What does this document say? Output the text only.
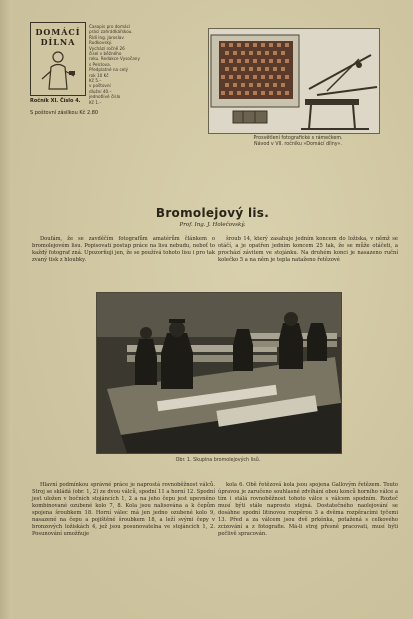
DOMÁCÍ
DÍLNA
Časopis pro domácí
práci zahrádkářskou.
Řídí Ing. Jaroslav
Rudkovský.
Vychází ročně 26
čísel v běžného
roku. Redakce Vysočany
s Pelclova.
Předplatné na celý
rok 10 Kč
Kč 5.–
v poštovní
dlužní 40.–
jednotlivé číslo
Kč 1.–
Ročník XI. Číslo 4.
S poštovní zásilkou Kč 2.80
Prosvětlení fotografické s rámečkem.
Návod v VII. ročníku »Domácí dílny«.
Bromolejový lis.
Prof. Ing. J. Holečovský.

Doufám, že se zavděčím fotografům amatérům článkem o bromolejovém lisu. Popisovati postup práce na lisu nebudu, neboť to každý fotograf zná. Upozorňuji jen, že se používá tohoto lisu i pro tak zvaný tisk z hloubky.

šroub 14, který zasahuje jedním koncem do ložiska, v němž se otáčí, a je opatřen jedním koncem 25 tak, že se může otáčeti, a prochází závitem ve stojánku. Na druhém konci je nasazeno ruční kolečko 5 a na něm je tepla nataženo řetězové

Obr. 1. Skupina bromolejových lisů.

Hlavní podmínkou správné práce je naprostá rovnoběžnost válců. Stroj se skládá (obr. 1, 2) ze dvou válců, spodní 11 a horní 12. Spodní jest uložen v bočních stojáncích 1, 2 a na jeho čepu jest upevněno kombinované ozubené kolo 7, 8. Kola jsou nalisována a k čepům spojena šroubkem 18. Horní válec má jen jedno ozubené kolo 9, nasazené na čepu a pojištěné šroubkem 18, a leží svými čepy v bronzových ložiskách 4, jež jsou posunovatelna ve stojáncích 1, 2. Posunování umožňuje

kola 6. Obě řetězová kola jsou spojena Gallovým řetězem. Touto úpravou je zaručeno souhlasné zdvíhání obou konců horního válce a tím i stálá rovnoběžnost tohoto válce s válcem spodním. Rozteč musí býti stále naprosto stejná. Dostatečného naolejování se dosáhne spodní litinovou rozpěrou 3 a dvěma rozpěracími tyčemi 13. Před a za válcem jsou dvě prkénka, potažená s celkového zcizování a z fotografie. Má-li stroj přesně pracovati, musí býti pečlivě spracován.
